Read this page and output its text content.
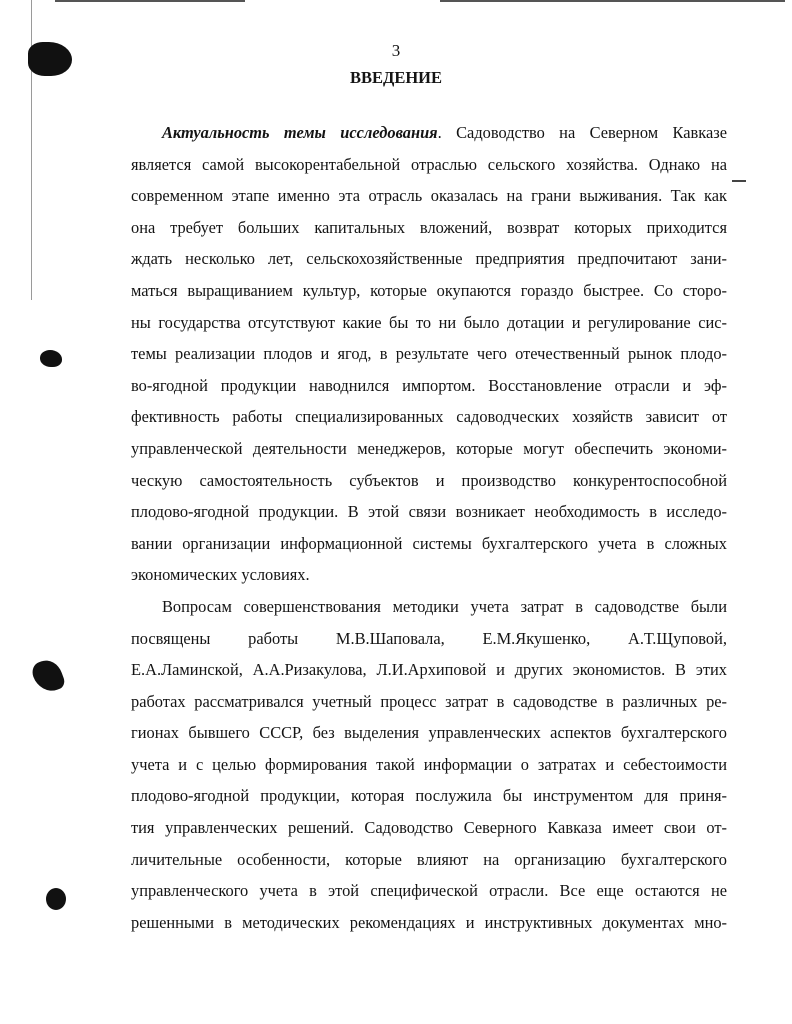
3
ВВЕДЕНИЕ
Актуальность темы исследования. Садоводство на Северном Кавказе
является самой высокорентабельной отраслью сельского хозяйства. Однако на
современном этапе именно эта отрасль оказалась на грани выживания. Так как
она требует больших капитальных вложений, возврат которых приходится
ждать несколько лет, сельскохозяйственные предприятия предпочитают зани-
маться выращиванием культур, которые окупаются гораздо быстрее. Со сторо-
ны государства отсутствуют какие бы то ни было дотации и регулирование сис-
темы реализации плодов и ягод, в результате чего отечественный рынок плодо-
во-ягодной продукции наводнился импортом. Восстановление отрасли и эф-
фективность работы специализированных садоводческих хозяйств зависит от
управленческой деятельности менеджеров, которые могут обеспечить экономи-
ческую самостоятельность субъектов и производство конкурентоспособной
плодово-ягодной продукции. В этой связи возникает необходимость в исследо-
вании организации информационной системы бухгалтерского учета в сложных
экономических условиях.
Вопросам совершенствования методики учета затрат в садоводстве были
посвящены работы М.В.Шаповала, Е.М.Якушенко, А.Т.Щуповой,
Е.А.Ламинской, А.А.Ризакулова, Л.И.Архиповой и других экономистов. В этих
работах рассматривался учетный процесс затрат в садоводстве в различных ре-
гионах бывшего СССР, без выделения управленческих аспектов бухгалтерского
учета и с целью формирования такой информации о затратах и себестоимости
плодово-ягодной продукции, которая послужила бы инструментом для приня-
тия управленческих решений. Садоводство Северного Кавказа имеет свои от-
личительные особенности, которые влияют на организацию бухгалтерского
управленческого учета в этой специфической отрасли. Все еще остаются не
решенными в методических рекомендациях и инструктивных документах мно-
